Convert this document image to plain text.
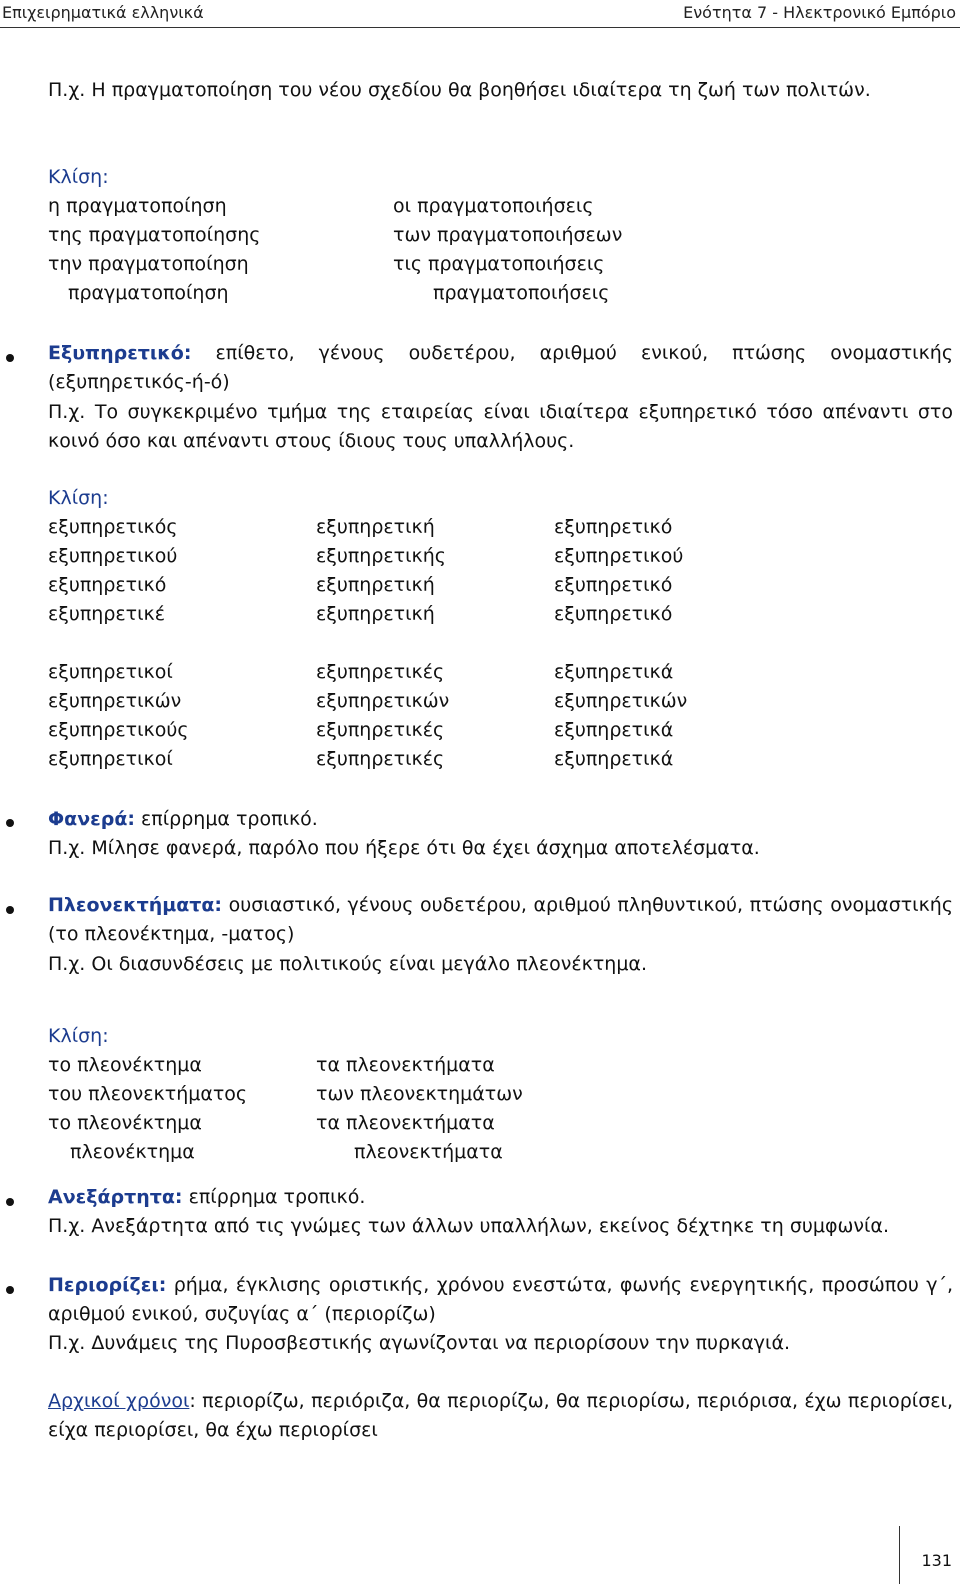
Επιχειρηματικά ελληνικά	Ενότητα 7 - Ηλεκτρονικό Εμπόριο
Π.χ. Η πραγματοποίηση του νέου σχεδίου θα βοηθήσει ιδιαίτερα τη ζωή των πολιτών.
Κλίση:
η πραγματοποίηση	οι πραγματοποιήσεις
της πραγματοποίησης	των πραγματοποιήσεων
την πραγματοποίηση	τις πραγματοποιήσεις
πραγματοποίηση	πραγματοποιήσεις
Εξυπηρετικό: επίθετο, γένους ουδετέρου, αριθμού ενικού, πτώσης ονομαστικής (εξυπηρετικός-ή-ό)
Π.χ. Το συγκεκριμένο τμήμα της εταιρείας είναι ιδιαίτερα εξυπηρετικό τόσο απέναντι στο κοινό όσο και απέναντι στους ίδιους τους υπαλλήλους.
Κλίση:
εξυπηρετικός	εξυπηρετική	εξυπηρετικό
εξυπηρετικού	εξυπηρετικής	εξυπηρετικού
εξυπηρετικό	εξυπηρετική	εξυπηρετικό
εξυπηρετικέ	εξυπηρετική	εξυπηρετικό
εξυπηρετικοί	εξυπηρετικές	εξυπηρετικά
εξυπηρετικών	εξυπηρετικών	εξυπηρετικών
εξυπηρετικούς	εξυπηρετικές	εξυπηρετικά
εξυπηρετικοί	εξυπηρετικές	εξυπηρετικά
Φανερά: επίρρημα τροπικό.
Π.χ. Μίλησε φανερά, παρόλο που ήξερε ότι θα έχει άσχημα αποτελέσματα.
Πλεονεκτήματα: ουσιαστικό, γένους ουδετέρου, αριθμού πληθυντικού, πτώσης ονομαστικής (το πλεονέκτημα, -ματος)
Π.χ. Οι διασυνδέσεις με πολιτικούς είναι μεγάλο πλεονέκτημα.
Κλίση:
το πλεονέκτημα	τα πλεονεκτήματα
του πλεονεκτήματος	των πλεονεκτημάτων
το πλεονέκτημα	τα πλεονεκτήματα
πλεονέκτημα	πλεονεκτήματα
Ανεξάρτητα: επίρρημα τροπικό.
Π.χ. Ανεξάρτητα από τις γνώμες των άλλων υπαλλήλων, εκείνος δέχτηκε τη συμφωνία.
Περιορίζει: ρήμα, έγκλισης οριστικής, χρόνου ενεστώτα, φωνής ενεργητικής, προσώπου γ΄, αριθμού ενικού, συζυγίας α΄ (περιορίζω)
Π.χ. Δυνάμεις της Πυροσβεστικής αγωνίζονται να περιορίσουν την πυρκαγιά.
Αρχικοί χρόνοι: περιορίζω, περιόριζα, θα περιορίζω, θα περιορίσω, περιόρισα, έχω περιορίσει, είχα περιορίσει, θα έχω περιορίσει
131
